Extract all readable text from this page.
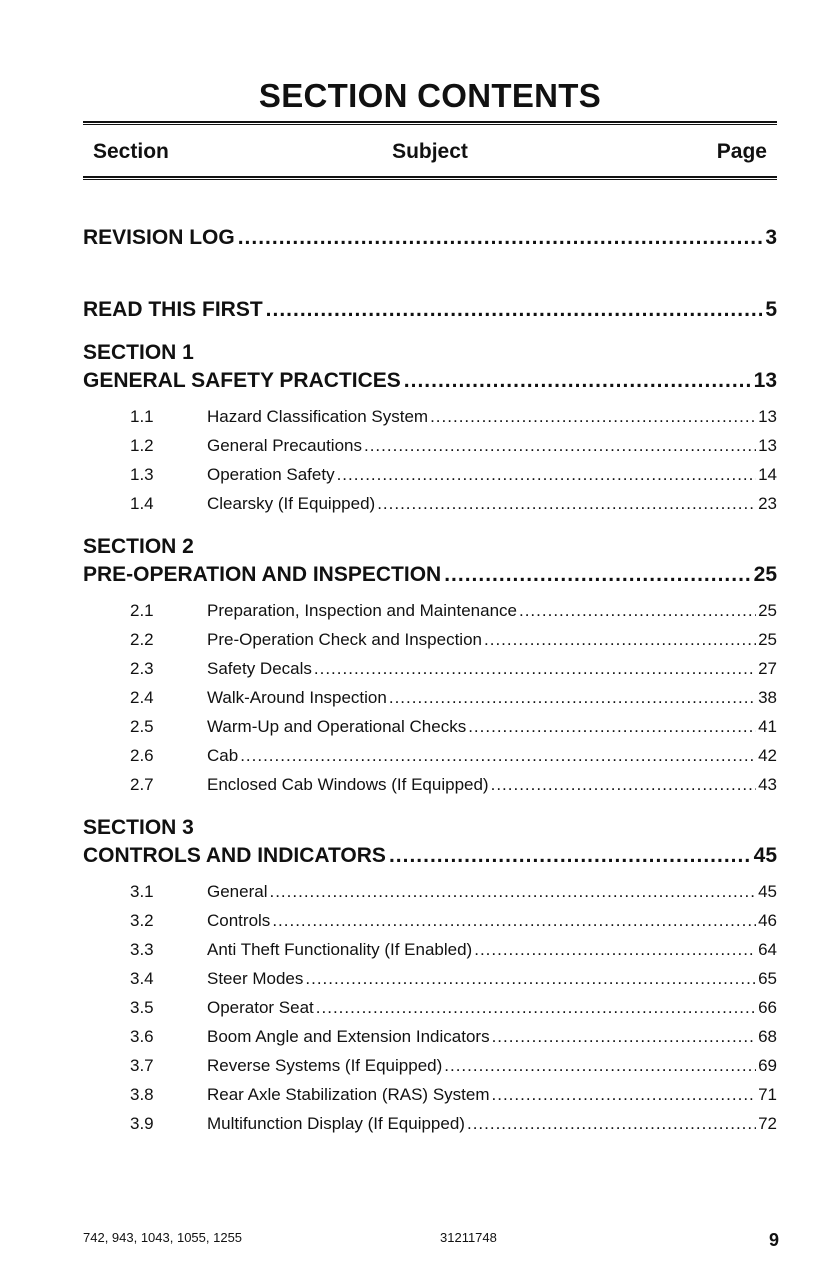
SECTION CONTENTS
Section	Subject	Page
REVISION LOG .....	3
READ THIS FIRST .....	5
SECTION 1
GENERAL SAFETY PRACTICES .....	13
1.1	Hazard Classification System .....	13
1.2	General Precautions .....	13
1.3	Operation Safety .....	14
1.4	Clearsky (If Equipped) .....	23
SECTION 2
PRE-OPERATION AND INSPECTION .....	25
2.1	Preparation, Inspection and Maintenance .....	25
2.2	Pre-Operation Check and Inspection .....	25
2.3	Safety Decals .....	27
2.4	Walk-Around Inspection .....	38
2.5	Warm-Up and Operational Checks .....	41
2.6	Cab .....	42
2.7	Enclosed Cab Windows (If Equipped) .....	43
SECTION 3
CONTROLS AND INDICATORS .....	45
3.1	General .....	45
3.2	Controls .....	46
3.3	Anti Theft Functionality (If Enabled) .....	64
3.4	Steer Modes .....	65
3.5	Operator Seat .....	66
3.6	Boom Angle and Extension Indicators .....	68
3.7	Reverse Systems (If Equipped) .....	69
3.8	Rear Axle Stabilization (RAS) System .....	71
3.9	Multifunction Display (If Equipped) .....	72
742, 943, 1043, 1055, 1255	31211748	9
